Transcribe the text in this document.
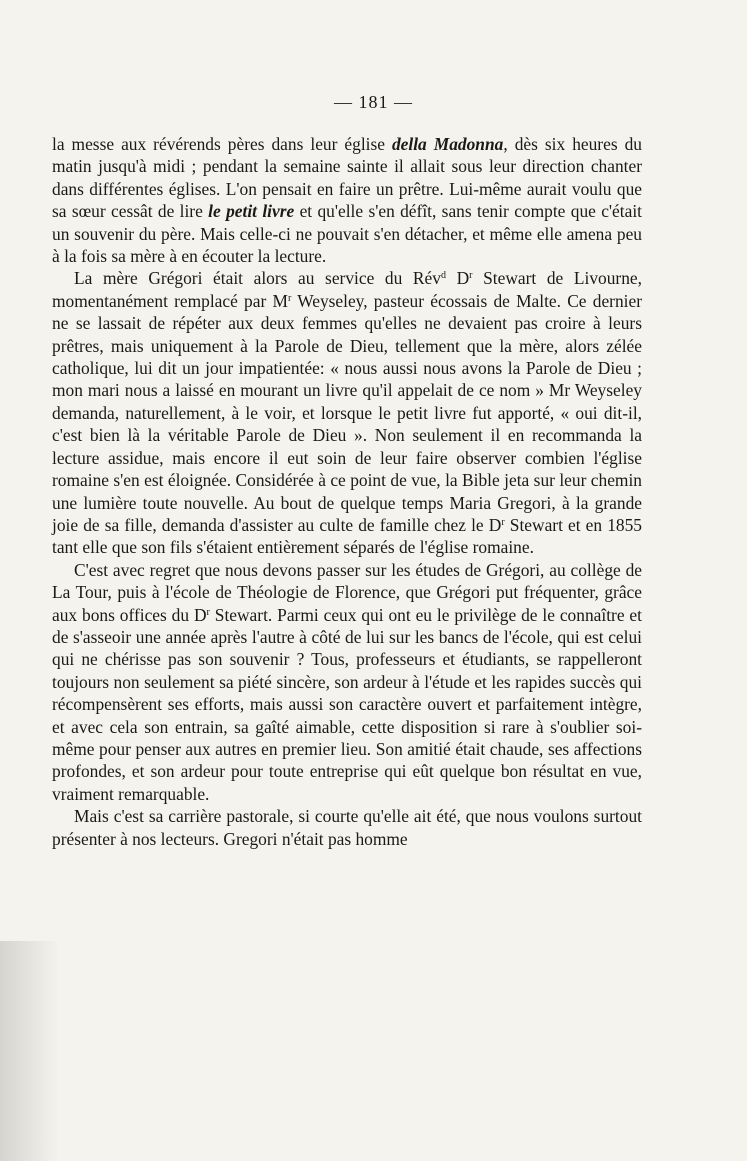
— 181 —

la messe aux révérends pères dans leur église della Madonna, dès six heures du matin jusqu'à midi ; pendant la semaine sainte il allait sous leur direction chanter dans différentes églises. L'on pensait en faire un prêtre. Lui-même aurait voulu que sa sœur cessât de lire le petit livre et qu'elle s'en défît, sans tenir compte que c'était un souvenir du père. Mais celle-ci ne pouvait s'en détacher, et même elle amena peu à la fois sa mère à en écouter la lecture.

La mère Grégori était alors au service du Rév$^d$ $D^r$ Stewart de Livourne, momentanément remplacé par $M^r$ Weyseley, pasteur écossais de Malte. Ce dernier ne se lassait de répéter aux deux femmes qu'elles ne devaient pas croire à leurs prêtres, mais uniquement à la Parole de Dieu, tellement que la mère, alors zélée catholique, lui dit un jour impatientée: « nous aussi nous avons la Parole de Dieu ; mon mari nous a laissé en mourant un livre qu'il appelait de ce nom » Mr Weyseley demanda, naturellement, à le voir, et lorsque le petit livre fut apporté, « oui dit-il, c'est bien là la véritable Parole de Dieu ». Non seulement il en recommanda la lecture assidue, mais encore il eut soin de leur faire observer combien l'église romaine s'en est éloignée. Considérée à ce point de vue, la Bible jeta sur leur chemin une lumière toute nouvelle. Au bout de quelque temps Maria Gregori, à la grande joie de sa fille, demanda d'assister au culte de famille chez le $D^r$ Stewart et en 1855 tant elle que son fils s'étaient entièrement séparés de l'église romaine.

C'est avec regret que nous devons passer sur les études de Grégori, au collège de La Tour, puis à l'école de Théologie de Florence, que Grégori put fréquenter, grâce aux bons offices du $D^r$ Stewart. Parmi ceux qui ont eu le privilège de le connaître et de s'asseoir une année après l'autre à côté de lui sur les bancs de l'école, qui est celui qui ne chérisse pas son souvenir ? Tous, professeurs et étudiants, se rappelleront toujours non seulement sa piété sincère, son ardeur à l'étude et les rapides succès qui récompensèrent ses efforts, mais aussi son caractère ouvert et parfaitement intègre, et avec cela son entrain, sa gaîté aimable, cette disposition si rare à s'oublier soi-même pour penser aux autres en premier lieu. Son amitié était chaude, ses affections profondes, et son ardeur pour toute entreprise qui eût quelque bon résultat en vue, vraiment remarquable.

Mais c'est sa carrière pastorale, si courte qu'elle ait été, que nous voulons surtout présenter à nos lecteurs. Gregori n'était pas homme
